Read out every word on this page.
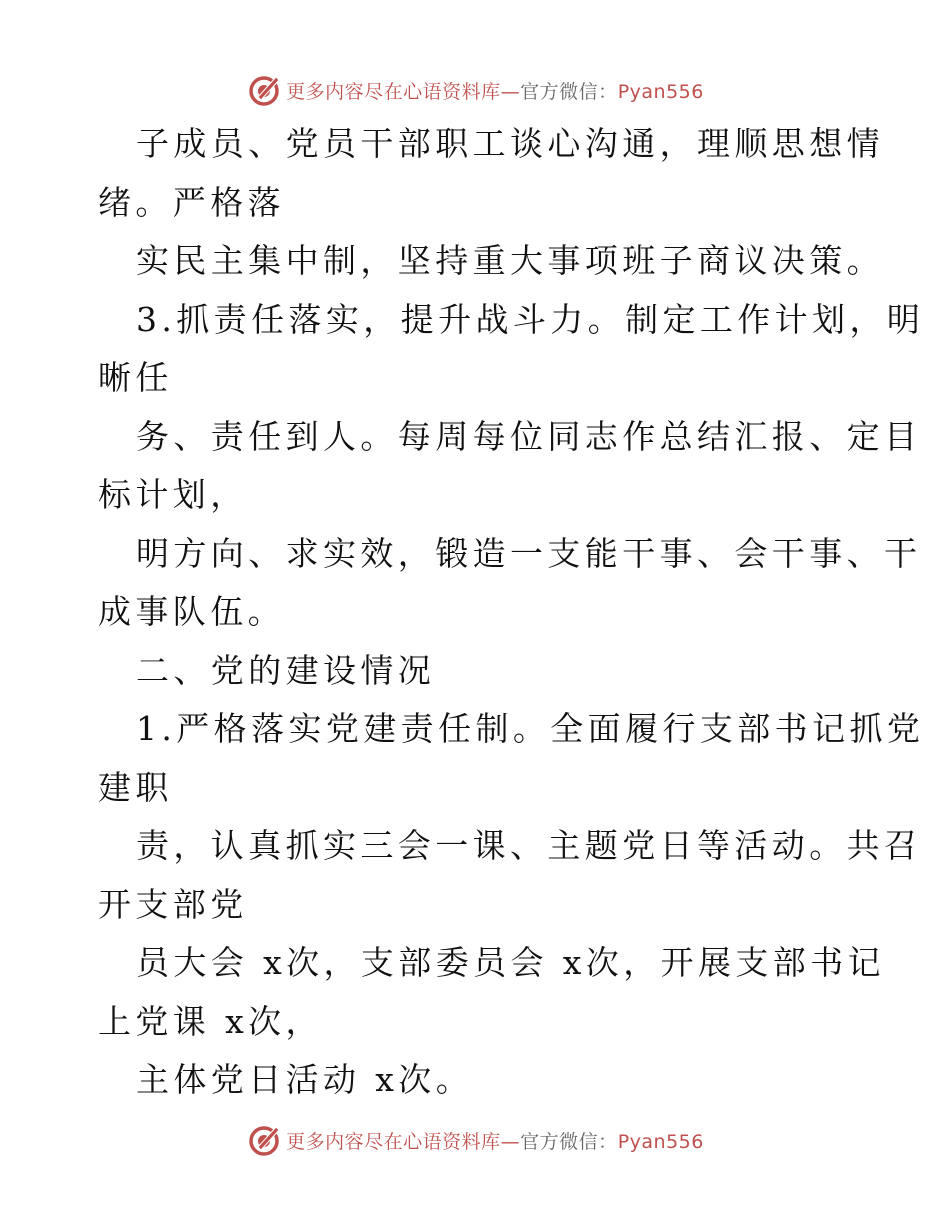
更多内容尽在心语资料库—官方微信：Pyan556
子成员、党员干部职工谈心沟通，理顺思想情
绪。严格落
实民主集中制，坚持重大事项班子商议决策。
3.抓责任落实，提升战斗力。制定工作计划，明
晰任
务、责任到人。每周每位同志作总结汇报、定目
标计划，
明方向、求实效，锻造一支能干事、会干事、干
成事队伍。
二、党的建设情况
1.严格落实党建责任制。全面履行支部书记抓党
建职
责，认真抓实三会一课、主题党日等活动。共召
开支部党
员大会 x次，支部委员会 x次，开展支部书记
上党课 x次，
主体党日活动 x次。
更多内容尽在心语资料库—官方微信：Pyan556
